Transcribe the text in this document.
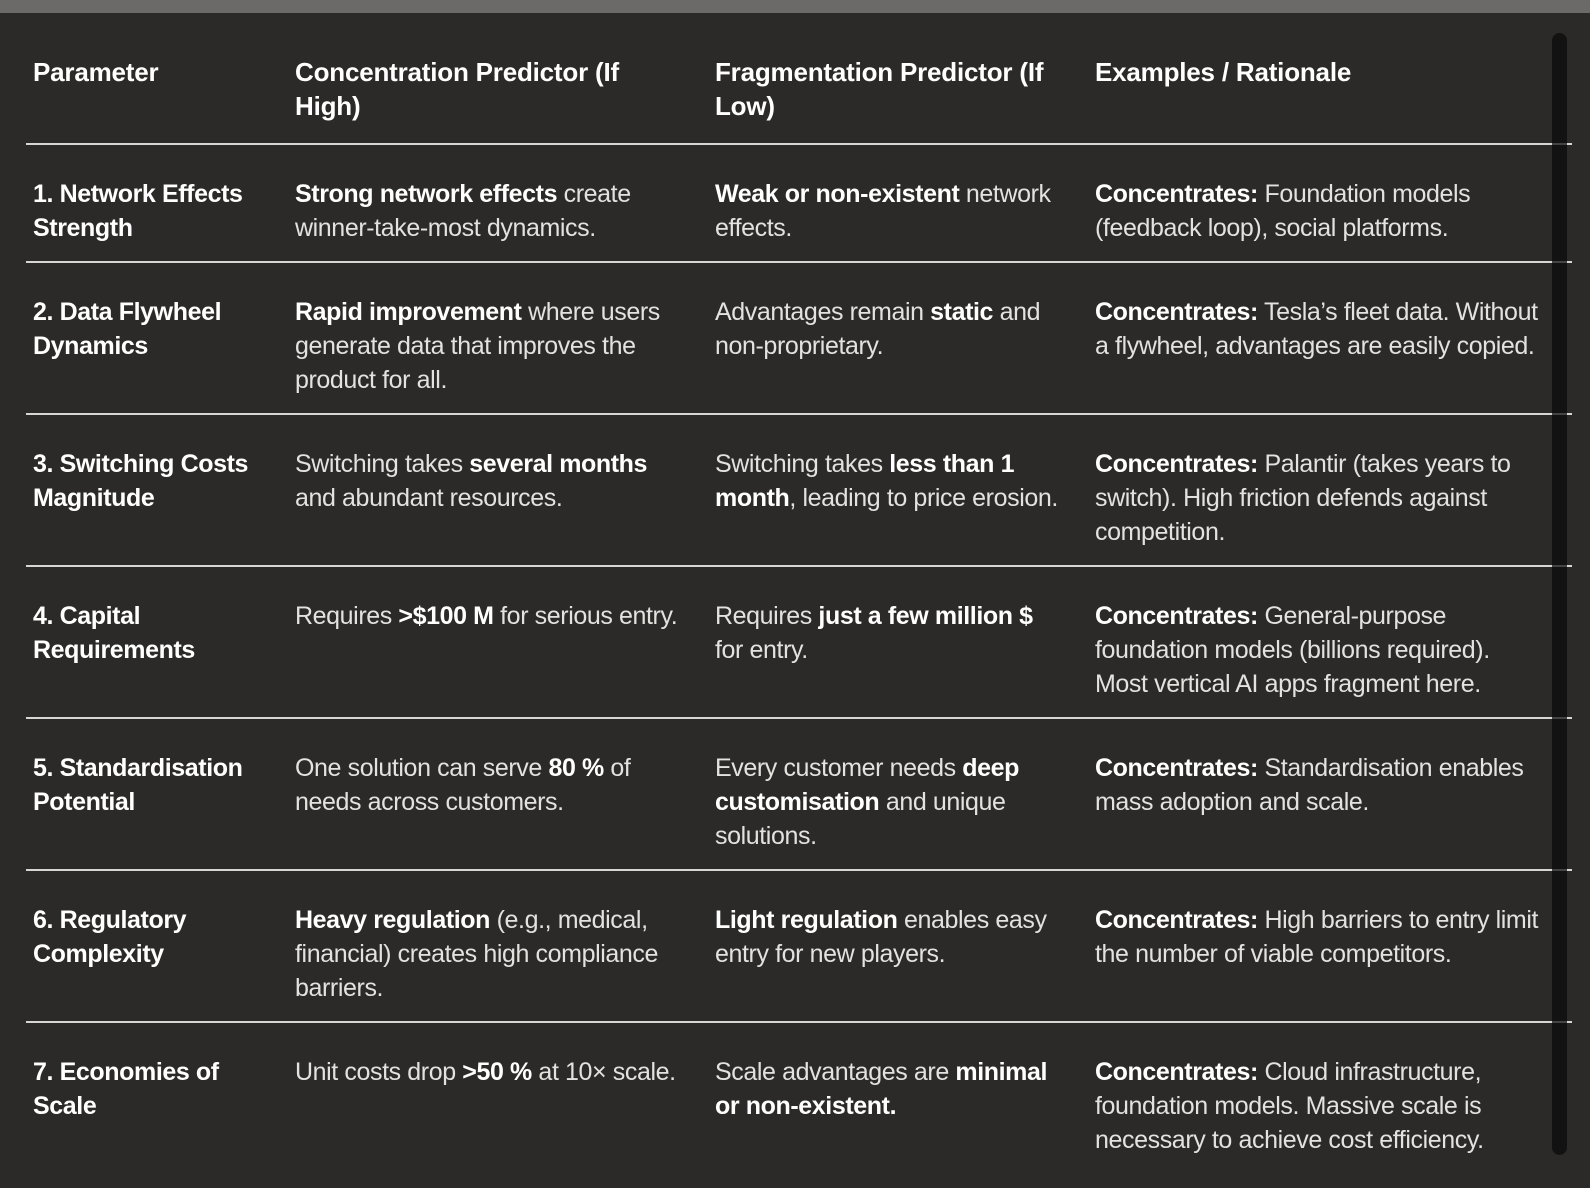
Parameter	Concentration Predictor (If High)	Fragmentation Predictor (If Low)	Examples / Rationale
1. Network Effects Strength	Strong network effects create winner-take-most dynamics.	Weak or non-existent network effects.	Concentrates: Foundation models (feedback loop), social platforms.
2. Data Flywheel Dynamics	Rapid improvement where users generate data that improves the product for all.	Advantages remain static and non-proprietary.	Concentrates: Tesla’s fleet data. Without a flywheel, advantages are easily copied.
3. Switching Costs Magnitude	Switching takes several months and abundant resources.	Switching takes less than 1 month, leading to price erosion.	Concentrates: Palantir (takes years to switch). High friction defends against competition.
4. Capital Requirements	Requires >$100 M for serious entry.	Requires just a few million $ for entry.	Concentrates: General-purpose foundation models (billions required). Most vertical AI apps fragment here.
5. Standardisation Potential	One solution can serve 80 % of needs across customers.	Every customer needs deep customisation and unique solutions.	Concentrates: Standardisation enables mass adoption and scale.
6. Regulatory Complexity	Heavy regulation (e.g., medical, financial) creates high compliance barriers.	Light regulation enables easy entry for new players.	Concentrates: High barriers to entry limit the number of viable competitors.
7. Economies of Scale	Unit costs drop >50 % at 10× scale.	Scale advantages are minimal or non-existent.	Concentrates: Cloud infrastructure, foundation models. Massive scale is necessary to achieve cost efficiency.
